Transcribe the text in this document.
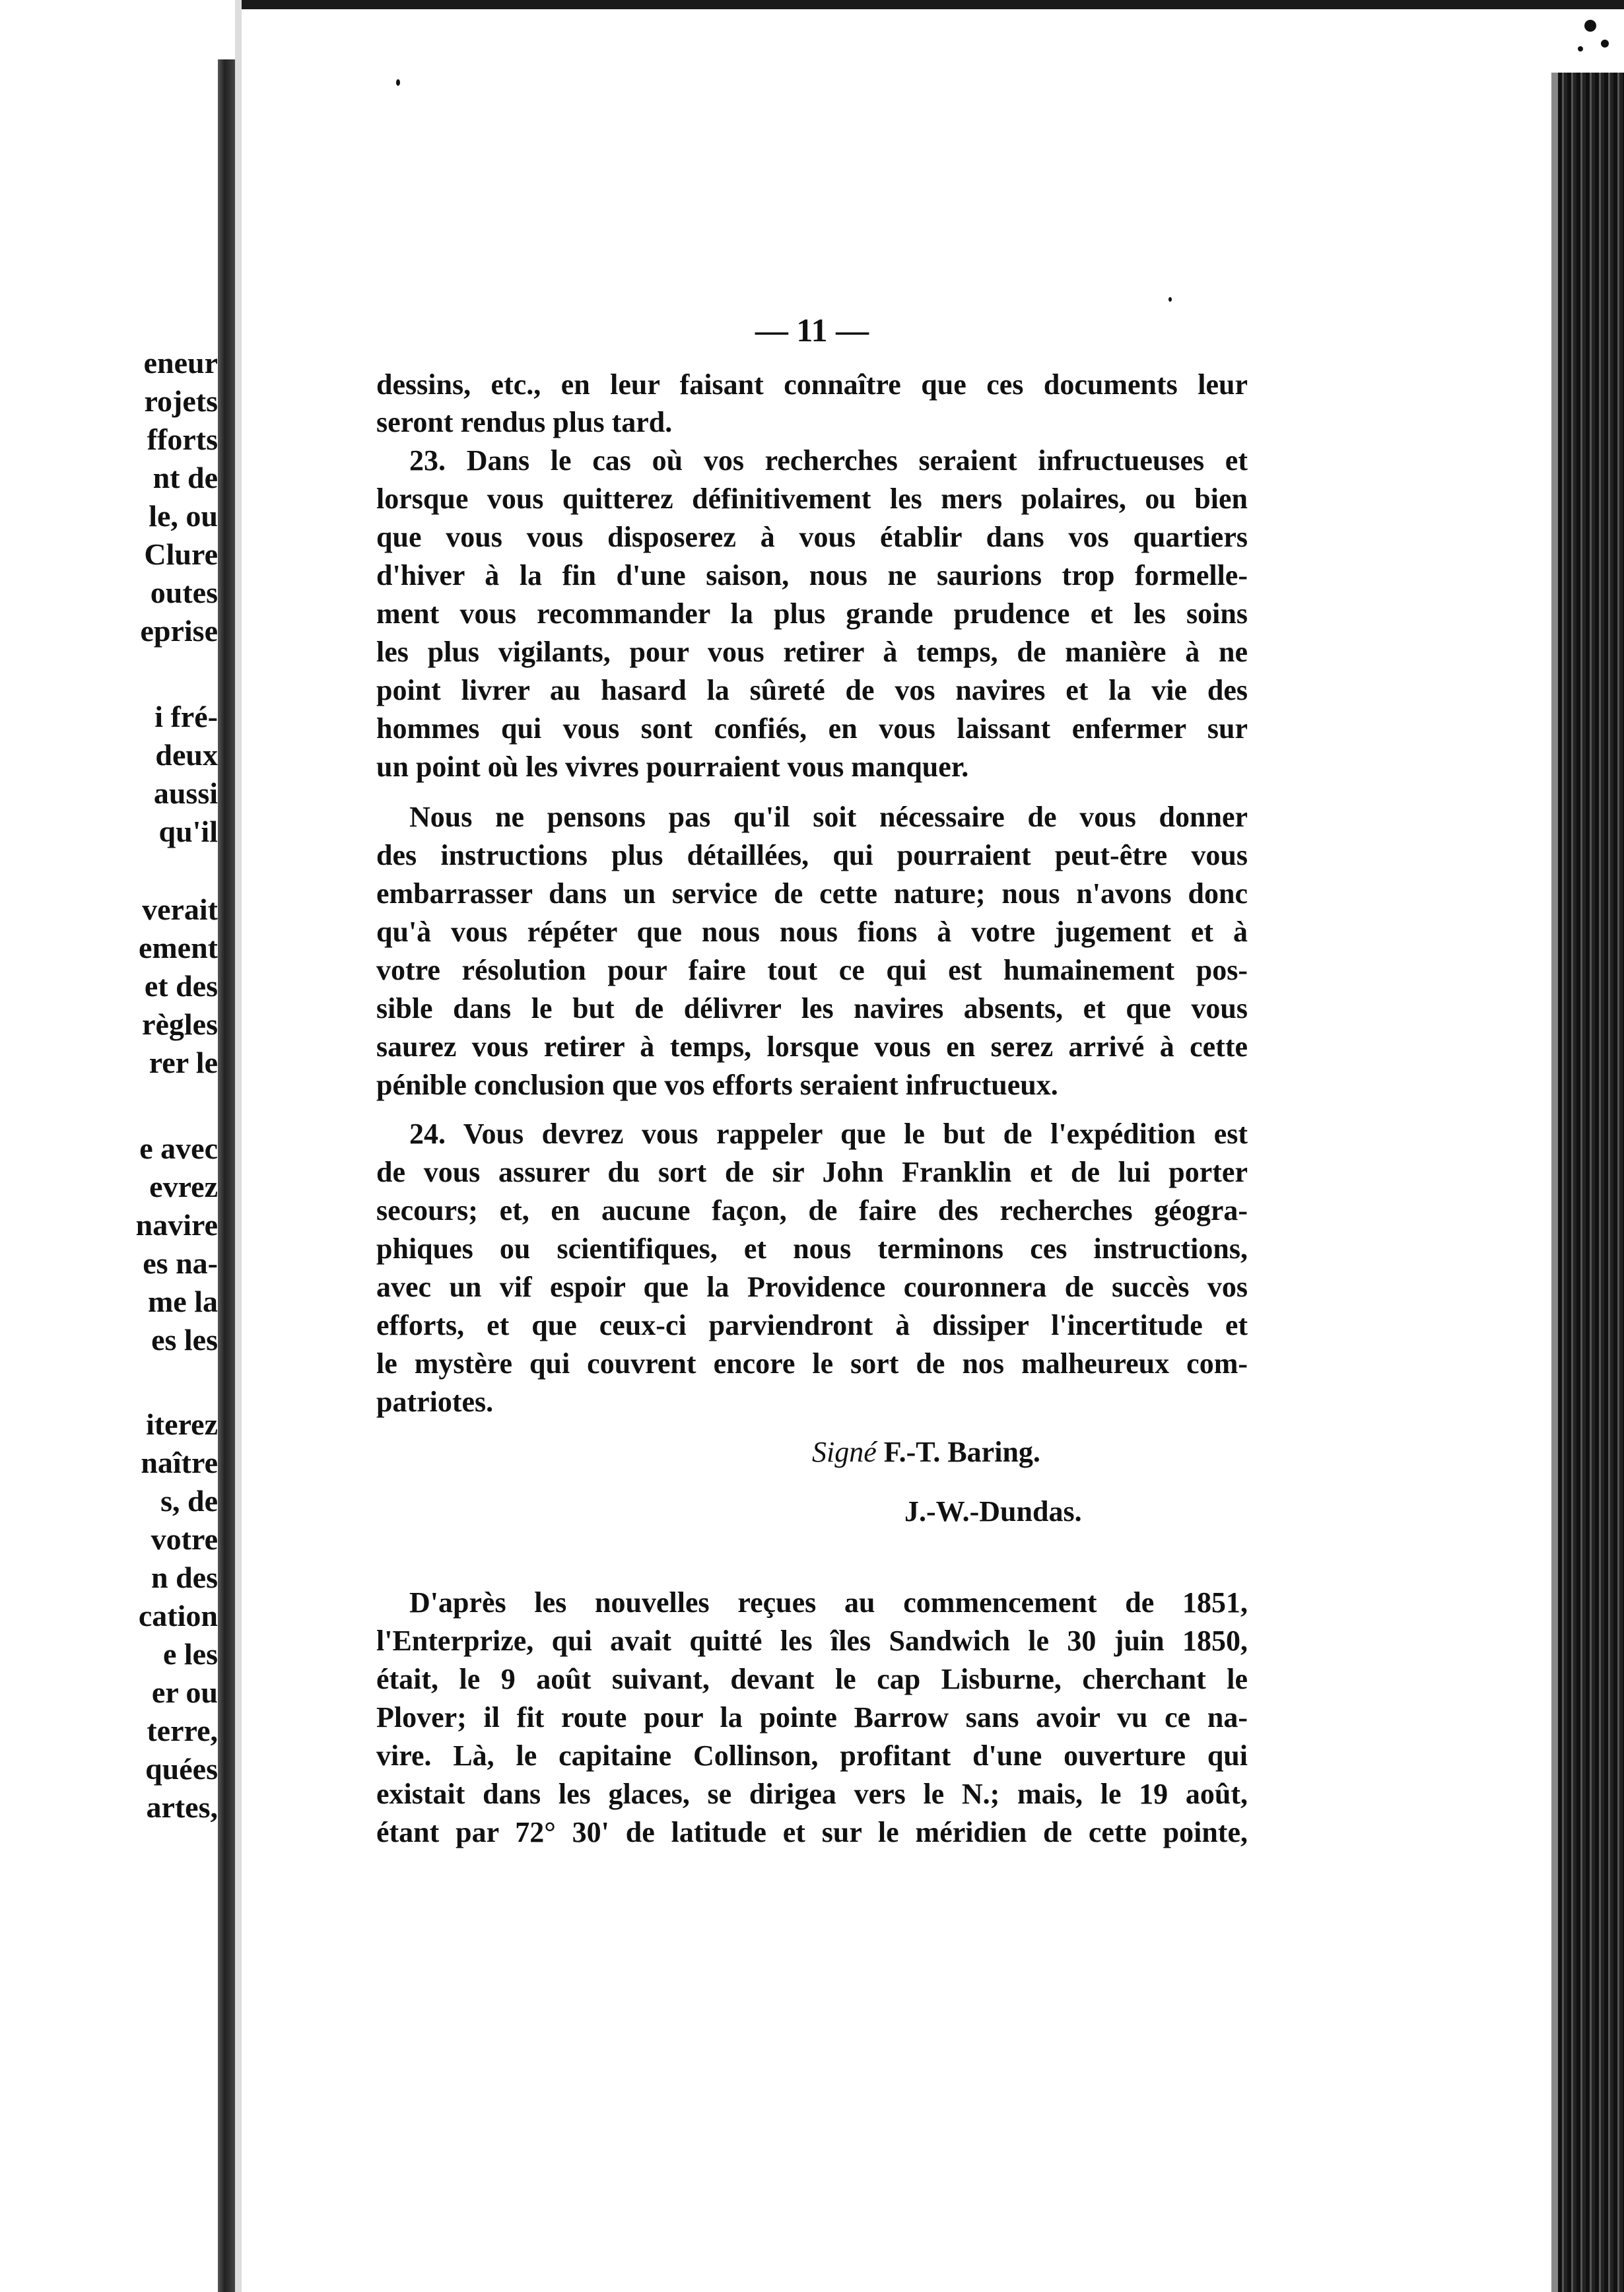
eneur
rojets
fforts
nt de
le, ou
Clure
outes
eprise
i fré-
deux
aussi
qu'il
verait
ement
et des
règles
rer le
e avec
evrez
navire
es na-
me la
es les
iterez
naître
s, de
votre
n des
cation
e les
er ou
terre,
quées
artes,
— 11 —
dessins, etc., en leur faisant connaître que ces documents leur
seront rendus plus tard.
23. Dans le cas où vos recherches seraient infructueuses et
lorsque vous quitterez définitivement les mers polaires, ou bien
que vous vous disposerez à vous établir dans vos quartiers
d'hiver à la fin d'une saison, nous ne saurions trop formelle-
ment vous recommander la plus grande prudence et les soins
les plus vigilants, pour vous retirer à temps, de manière à ne
point livrer au hasard la sûreté de vos navires et la vie des
hommes qui vous sont confiés, en vous laissant enfermer sur
un point où les vivres pourraient vous manquer.
Nous ne pensons pas qu'il soit nécessaire de vous donner
des instructions plus détaillées, qui pourraient peut-être vous
embarrasser dans un service de cette nature; nous n'avons donc
qu'à vous répéter que nous nous fions à votre jugement et à
votre résolution pour faire tout ce qui est humainement pos-
sible dans le but de délivrer les navires absents, et que vous
saurez vous retirer à temps, lorsque vous en serez arrivé à cette
pénible conclusion que vos efforts seraient infructueux.
24. Vous devrez vous rappeler que le but de l'expédition est
de vous assurer du sort de sir John Franklin et de lui porter
secours; et, en aucune façon, de faire des recherches géogra-
phiques ou scientifiques, et nous terminons ces instructions,
avec un vif espoir que la Providence couronnera de succès vos
efforts, et que ceux-ci parviendront à dissiper l'incertitude et
le mystère qui couvrent encore le sort de nos malheureux com-
patriotes.
D'après les nouvelles reçues au commencement de 1851,
l'Enterprize, qui avait quitté les îles Sandwich le 30 juin 1850,
était, le 9 août suivant, devant le cap Lisburne, cherchant le
Plover; il fit route pour la pointe Barrow sans avoir vu ce na-
vire. Là, le capitaine Collinson, profitant d'une ouverture qui
existait dans les glaces, se dirigea vers le N.; mais, le 19 août,
étant par 72° 30' de latitude et sur le méridien de cette pointe,
Signé F.-T. Baring.
J.-W.-Dundas.
